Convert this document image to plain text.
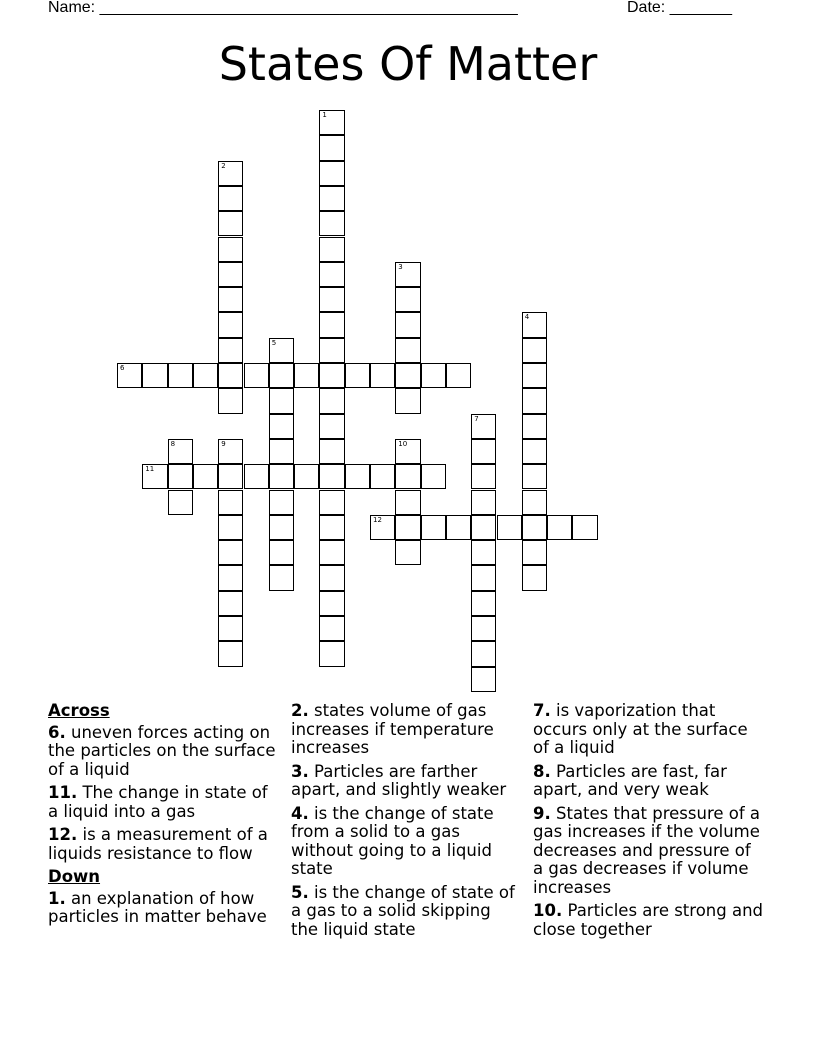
Name: _______________________________________________	Date: _______
States Of Matter
1
2
3
4
5
6
7
8	9	10
11
12
Across
6. uneven forces acting on the particles on the surface of a liquid
11. The change in state of a liquid into a gas
12. is a measurement of a liquids resistance to flow
Down
1. an explanation of how particles in matter behave
2. states volume of gas increases if temperature increases
3. Particles are farther apart, and slightly weaker
4. is the change of state from a solid to a gas without going to a liquid state
5. is the change of state of a gas to a solid skipping the liquid state
7. is vaporization that occurs only at the surface of a liquid
8. Particles are fast, far apart, and very weak
9. States that pressure of a gas increases if the volume decreases and pressure of a gas decreases if volume increases
10. Particles are strong and close together
